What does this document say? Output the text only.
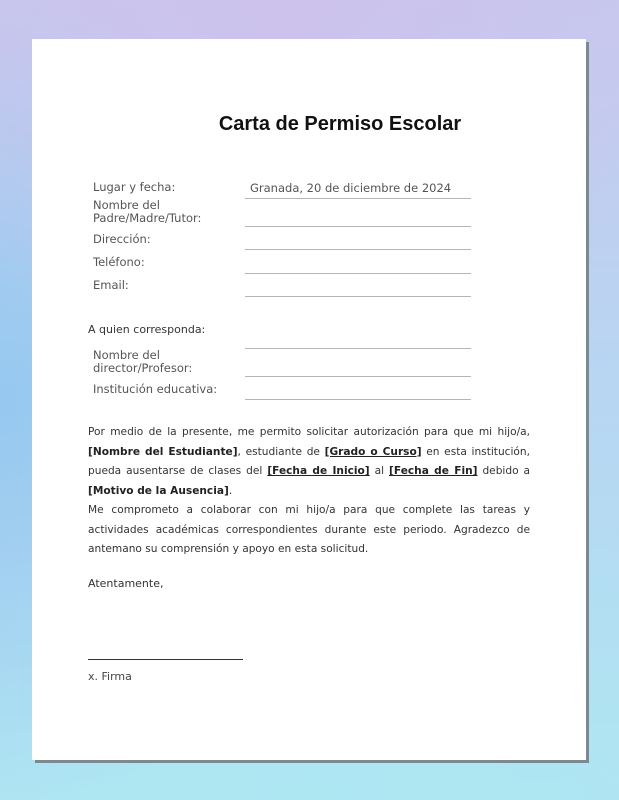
Carta de Permiso Escolar
Lugar y fecha:	Granada, 20 de diciembre de 2024
Nombre del Padre/Madre/Tutor:
Dirección:
Teléfono:
Email:
A quien corresponda:
Nombre del director/Profesor:
Institución educativa:

Por medio de la presente, me permito solicitar autorización para que mi hijo/a, [Nombre del Estudiante], estudiante de [Grado o Curso] en esta institución, pueda ausentarse de clases del [Fecha de Inicio] al [Fecha de Fin] debido a [Motivo de la Ausencia].

Me comprometo a colaborar con mi hijo/a para que complete las tareas y actividades académicas correspondientes durante este periodo. Agradezco de antemano su comprensión y apoyo en esta solicitud.

Atentamente,
x. Firma
